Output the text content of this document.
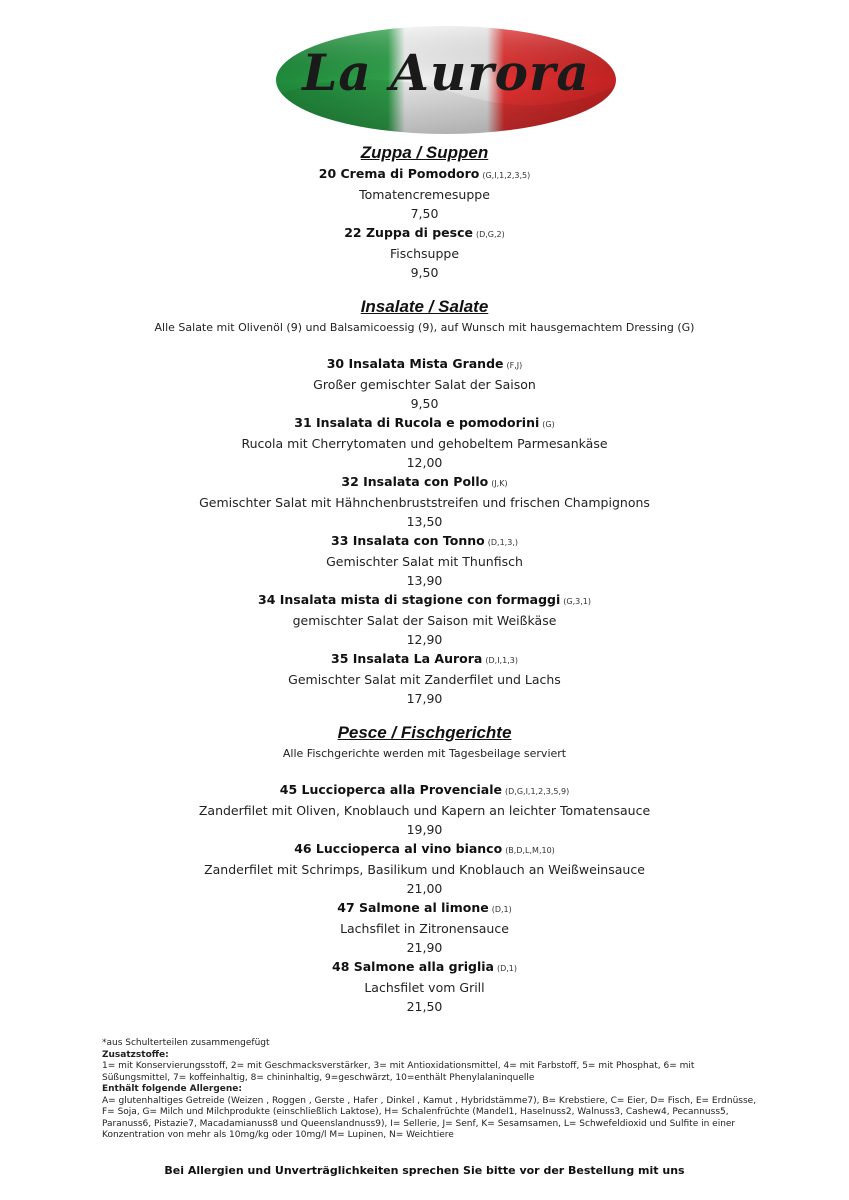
La Aurora
Zuppa / Suppen
20 Crema di Pomodoro (G,I,1,2,3,5)
Tomatencremesuppe
7,50
22 Zuppa di pesce (D,G,2)
Fischsuppe
9,50
Insalate / Salate
Alle Salate mit Olivenöl (9) und Balsamicoessig (9), auf Wunsch mit hausgemachtem Dressing (G)
30 Insalata Mista Grande (F,J)
Großer gemischter Salat der Saison
9,50
31 Insalata di Rucola e pomodorini (G)
Rucola mit Cherrytomaten und gehobeltem Parmesankäse
12,00
32 Insalata con Pollo (J,K)
Gemischter Salat mit Hähnchenbruststreifen und frischen Champignons
13,50
33 Insalata con Tonno (D,1,3,)
Gemischter Salat mit Thunfisch
13,90
34 Insalata mista di stagione con formaggi (G,3,1)
gemischter Salat der Saison mit Weißkäse
12,90
35 Insalata La Aurora (D,I,1,3)
Gemischter Salat mit Zanderfilet und Lachs
17,90
Pesce / Fischgerichte
Alle Fischgerichte werden mit Tagesbeilage serviert
45 Luccioperca alla Provenciale (D,G,I,1,2,3,5,9)
Zanderfilet mit Oliven, Knoblauch und Kapern an leichter Tomatensauce
19,90
46 Luccioperca al vino bianco (B,D,L,M,10)
Zanderfilet mit Schrimps, Basilikum und Knoblauch an Weißweinsauce
21,00
47 Salmone al limone (D,1)
Lachsfilet in Zitronensauce
21,90
48 Salmone alla griglia (D,1)
Lachsfilet vom Grill
21,50
*aus Schulterteilen zusammengefügt
Zusatzstoffe:
1= mit Konservierungsstoff, 2= mit Geschmacksverstärker, 3= mit Antioxidationsmittel, 4= mit Farbstoff, 5= mit Phosphat, 6= mit Süßungsmittel, 7= koffeinhaltig, 8= chininhaltig, 9=geschwärzt, 10=enthält Phenylalaninquelle
Enthält folgende Allergene:
A= glutenhaltiges Getreide (Weizen , Roggen , Gerste , Hafer , Dinkel , Kamut , Hybridstämme7), B= Krebstiere, C= Eier, D= Fisch, E= Erdnüsse, F= Soja, G= Milch und Milchprodukte (einschließlich Laktose), H= Schalenfrüchte (Mandel1, Haselnuss2, Walnuss3, Cashew4, Pecannuss5, Paranuss6, Pistazie7, Macadamianuss8 und Queenslandnuss9), I= Sellerie, J= Senf, K= Sesamsamen, L= Schwefeldioxid und Sulfite in einer Konzentration von mehr als 10mg/kg oder 10mg/l M= Lupinen, N= Weichtiere
Bei Allergien und Unverträglichkeiten sprechen Sie bitte vor der Bestellung mit uns
